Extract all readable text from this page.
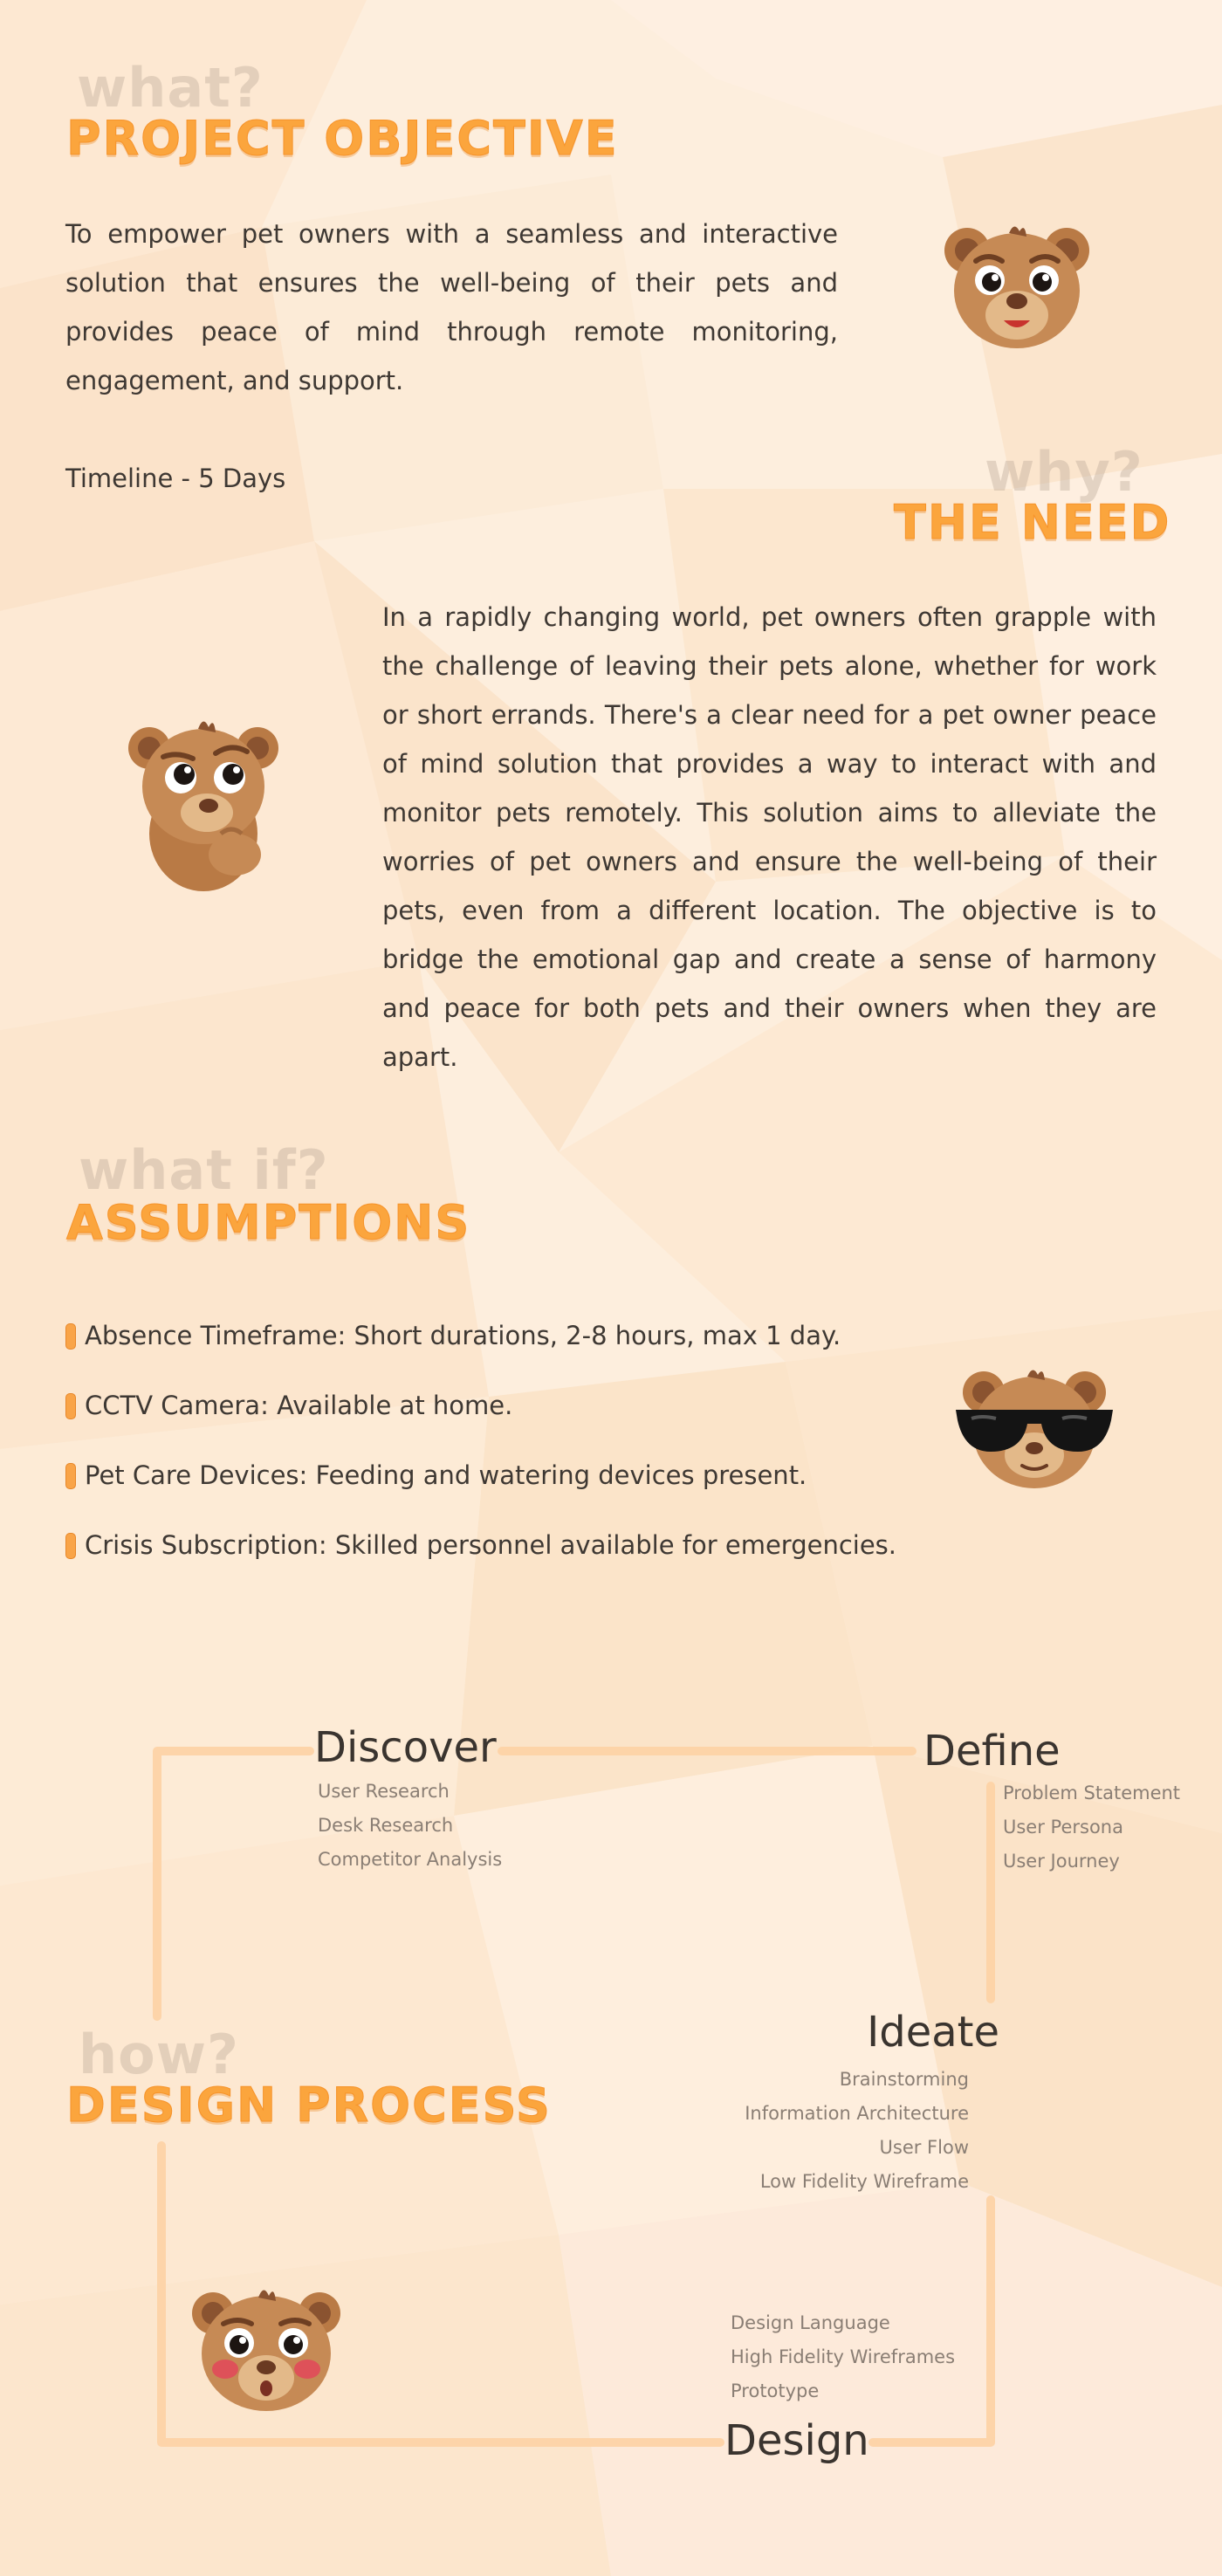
what?
PROJECT OBJECTIVE

To empower pet owners with a seamless and interactive solution that ensures the well-being of their pets and provides peace of mind through remote monitoring, engagement, and support.

Timeline - 5 Days	why?
THE NEED

In a rapidly changing world, pet owners often grapple with the challenge of leaving their pets alone, whether for work or short errands. There's a clear need for a pet owner peace of mind solution that provides a way to interact with and monitor pets remotely. This solution aims to alleviate the worries of pet owners and ensure the well-being of their pets, even from a different location. The objective is to bridge the emotional gap and create a sense of harmony and peace for both pets and their owners when they are apart.

what if?
ASSUMPTIONS
Absence Timeframe: Short durations, 2-8 hours, max 1 day.
CCTV Camera: Available at home.
Pet Care Devices: Feeding and watering devices present.
Crisis Subscription: Skilled personnel available for emergencies.
Discover
User Research
Desk Research
Competitor Analysis
Define
Problem Statement
User Persona
User Journey
Ideate
Brainstorming
Information Architecture
User Flow
Low Fidelity Wireframe
Design Language
High Fidelity Wireframes
Prototype
Design
how?
DESIGN PROCESS
